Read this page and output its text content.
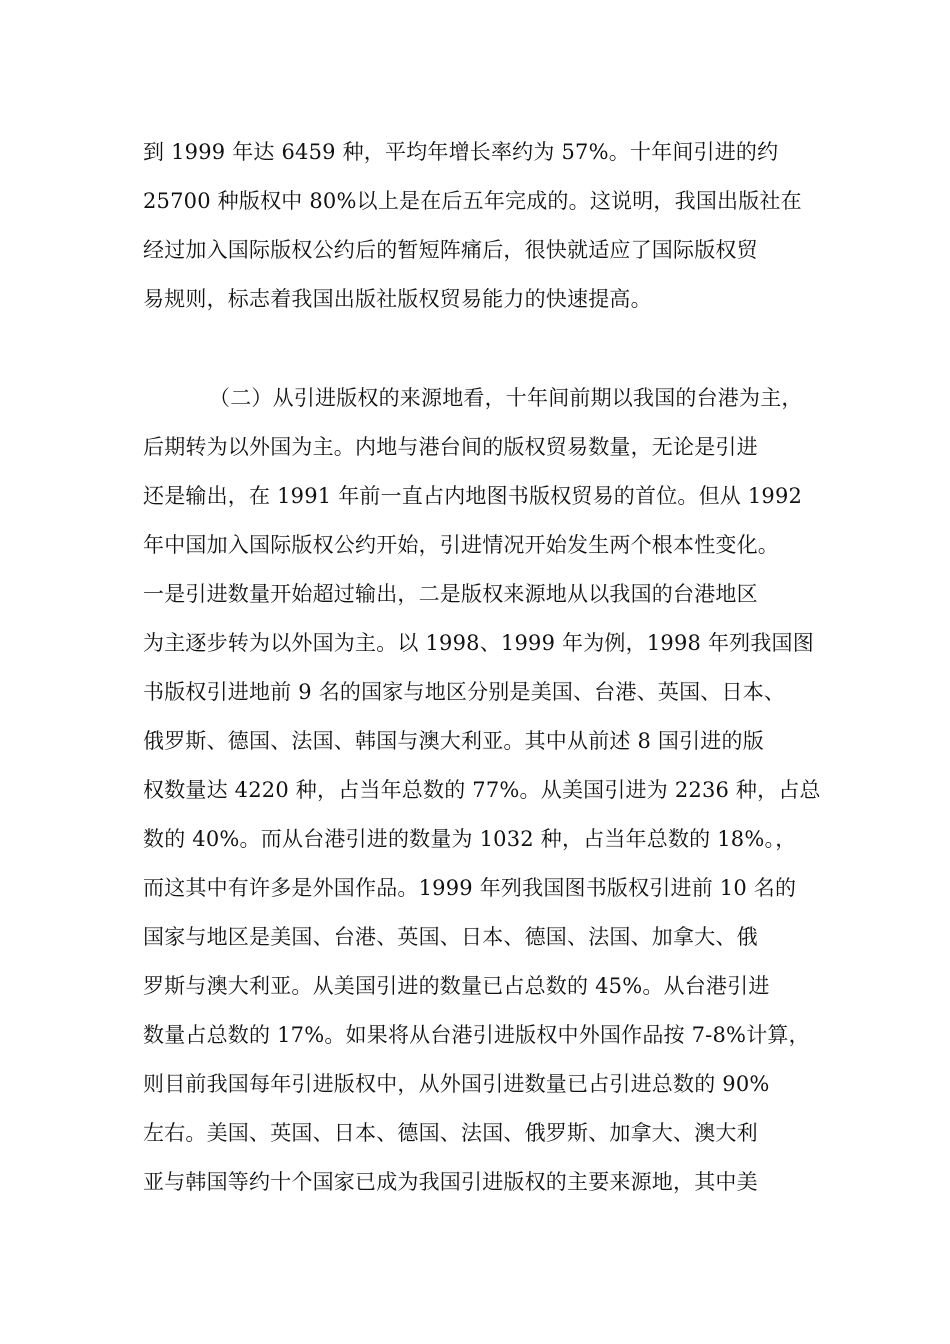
到 1999 年达 6459 种，平均年增长率约为 57%。十年间引进的约
25700 种版权中 80%以上是在后五年完成的。这说明，我国出版社在
经过加入国际版权公约后的暂短阵痛后，很快就适应了国际版权贸
易规则，标志着我国出版社版权贸易能力的快速提高。
（二）从引进版权的来源地看，十年间前期以我国的台港为主，
后期转为以外国为主。内地与港台间的版权贸易数量，无论是引进
还是输出，在 1991 年前一直占内地图书版权贸易的首位。但从 1992
年中国加入国际版权公约开始，引进情况开始发生两个根本性变化。
一是引进数量开始超过输出，二是版权来源地从以我国的台港地区
为主逐步转为以外国为主。以 1998、1999 年为例，1998 年列我国图
书版权引进地前 9 名的国家与地区分别是美国、台港、英国、日本、
俄罗斯、德国、法国、韩国与澳大利亚。其中从前述 8 国引进的版
权数量达 4220 种，占当年总数的 77%。从美国引进为 2236 种，占总
数的 40%。而从台港引进的数量为 1032 种，占当年总数的 18%。，
而这其中有许多是外国作品。1999 年列我国图书版权引进前 10 名的
国家与地区是美国、台港、英国、日本、德国、法国、加拿大、俄
罗斯与澳大利亚。从美国引进的数量已占总数的 45%。从台港引进
数量占总数的 17%。如果将从台港引进版权中外国作品按 7-8%计算，
则目前我国每年引进版权中，从外国引进数量已占引进总数的 90%
左右。美国、英国、日本、德国、法国、俄罗斯、加拿大、澳大利
亚与韩国等约十个国家已成为我国引进版权的主要来源地，其中美
